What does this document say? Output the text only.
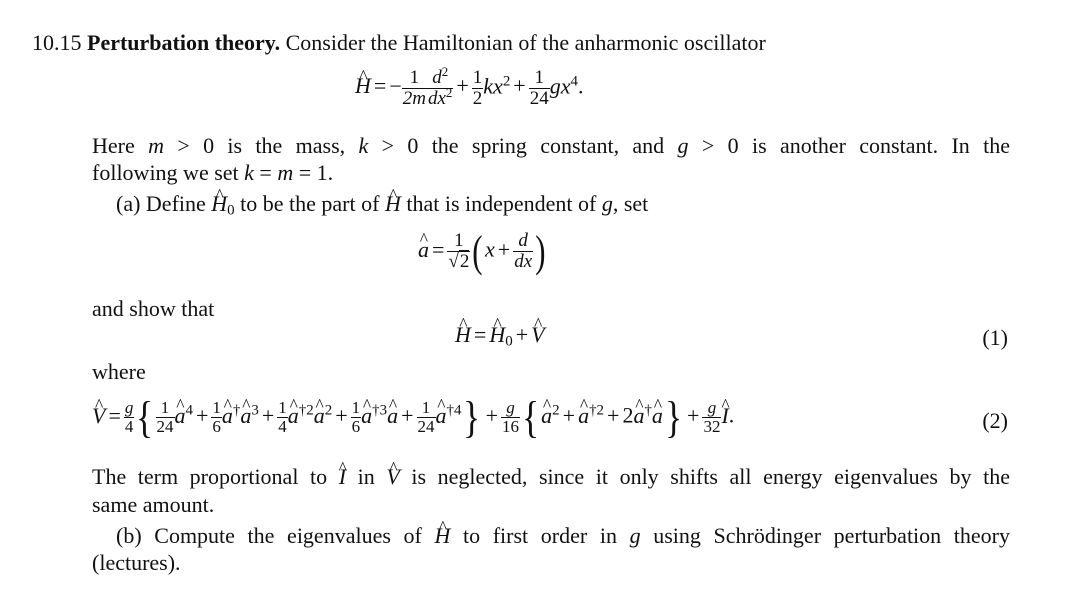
10.15 Perturbation theory. Consider the Hamiltonian of the anharmonic oscillator
^ H = − $\frac{1}{2m} \frac{d^2}{dx^2} + \frac{1}{2} kx^2 + \frac{1}{24} gx^4$.
Here m > 0 is the mass, k > 0 the spring constant, and g > 0 is another constant. In the
following we set k = m = 1.
(a) Define ^ $H_0$ to be the part of ^ H that is independent of g, set
^ $a = \frac{1}{√2} (x + \frac{d}{dx}$ )
and show that
^ H = ^ $H_0$ + ^ V	(1)
where
^ $V = \frac{g}{4}$ { $\frac{1}{24}$ ^ $a^4 + \frac{1}{6}$ ^ a†^ $a^3 + \frac{1}{4}$ ^ $a^{\dagger 2}\^{}$ $a^2 + \frac{1}{6}$ ^ $a^{\dagger 3}\^{}$ $a + \frac{1}{24}$ ^ $a^{\dagger 4}\} + \frac{g}{16}$ {^ $a^2$ + ^ $a^{\dagger 2}$ + 2^ a†^ $a\} + \frac{g}{32}$ ^ I.	(2)
The term proportional to ^ I in ^ V is neglected, since it only shifts all energy eigenvalues by the
same amount.
(b) Compute the eigenvalues of ^ H to first order in g using Schrödinger perturbation theory
(lectures).
